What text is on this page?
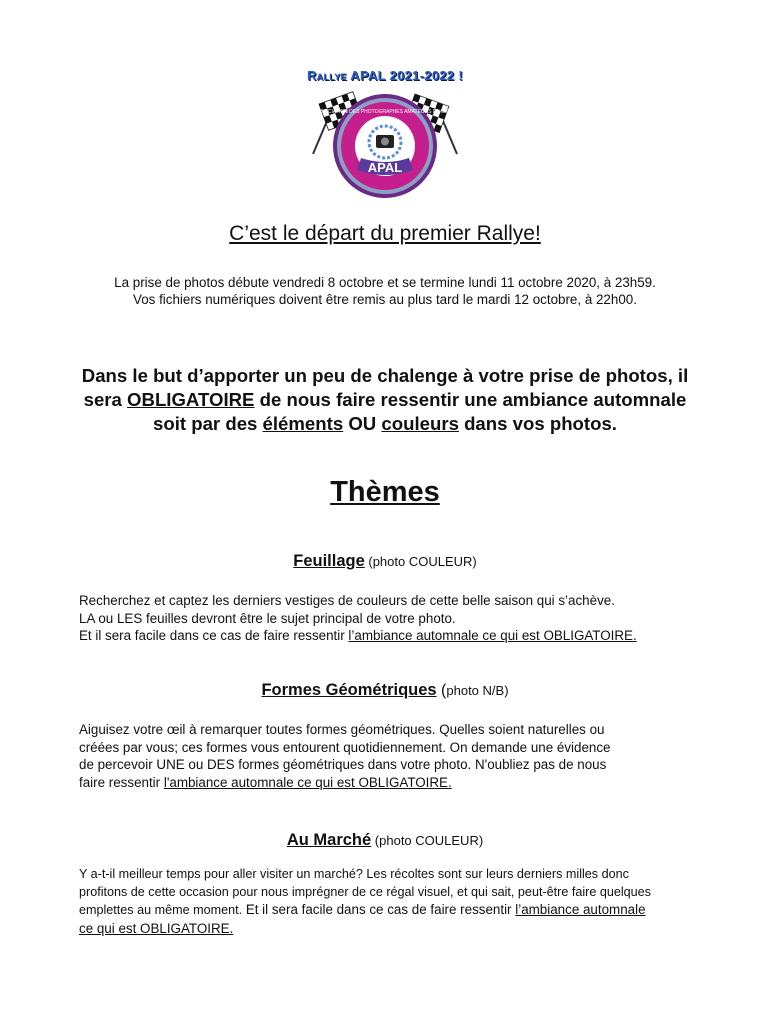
Rallye APAL 2021-2022 !
ASSOCIATION DES PHOTOGRAPHES AMATEURS DE LAVAL
APAL
C’est le départ du premier Rallye!
La prise de photos débute vendredi 8 octobre et se termine lundi 11 octobre 2020, à 23h59.
Vos fichiers numériques doivent être remis au plus tard le mardi 12 octobre, à 22h00.
Dans le but d’apporter un peu de chalenge à votre prise de photos, il
sera OBLIGATOIRE de nous faire ressentir une ambiance automnale
soit par des éléments OU couleurs dans vos photos.
Thèmes
Feuillage (photo COULEUR)
Recherchez et captez les derniers vestiges de couleurs de cette belle saison qui s’achève.
LA ou LES feuilles devront être le sujet principal de votre photo.
Et il sera facile dans ce cas de faire ressentir l’ambiance automnale ce qui est OBLIGATOIRE.
Formes Géométriques (photo N/B)
Aiguisez votre œil à remarquer toutes formes géométriques. Quelles soient naturelles ou
créées par vous; ces formes vous entourent quotidiennement. On demande une évidence
de percevoir UNE ou DES formes géométriques dans votre photo. N'oubliez pas de nous
faire ressentir l'ambiance automnale ce qui est OBLIGATOIRE.
Au Marché (photo COULEUR)
Y a-t-il meilleur temps pour aller visiter un marché? Les récoltes sont sur leurs derniers milles donc
profitons de cette occasion pour nous imprégner de ce régal visuel, et qui sait, peut-être faire quelques
emplettes au même moment. Et il sera facile dans ce cas de faire ressentir l’ambiance automnale
ce qui est OBLIGATOIRE.
